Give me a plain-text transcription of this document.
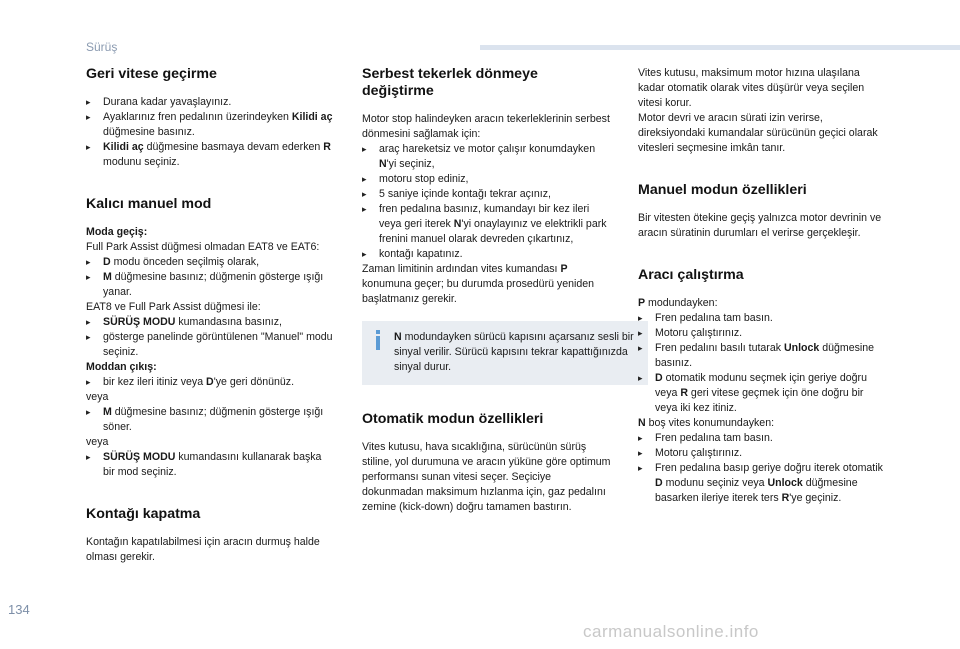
Sürüş
Geri vitese geçirme

▸ Durana kadar yavaşlayınız.

▸ Ayaklarınız fren pedalının üzerindeyken Kilidi aç düğmesine basınız.

▸ Kilidi aç düğmesine basmaya devam ederken R modunu seçiniz.

Kalıcı manuel mod

Moda geçiş:

Full Park Assist düğmesi olmadan EAT8 ve EAT6:

▸ D modu önceden seçilmiş olarak,

▸ M düğmesine basınız; düğmenin gösterge ışığı yanar.

EAT8 ve Full Park Assist düğmesi ile:

▸ SÜRÜŞ MODU kumandasına basınız,

▸ gösterge panelinde görüntülenen "Manuel" modu seçiniz.

Moddan çıkış:

▸ bir kez ileri itiniz veya D'ye geri dönünüz.

veya

▸ M düğmesine basınız; düğmenin gösterge ışığı söner.

veya

▸ SÜRÜŞ MODU kumandasını kullanarak başka bir mod seçiniz.

Kontağı kapatma

Kontağın kapatılabilmesi için aracın durmuş halde olması gerekir.

Serbest tekerlek dönmeye değiştirme

Motor stop halindeyken aracın tekerleklerinin serbest dönmesini sağlamak için:

▸ araç hareketsiz ve motor çalışır konumdayken N'yi seçiniz,

▸ motoru stop ediniz,

▸ 5 saniye içinde kontağı tekrar açınız,

▸ fren pedalına basınız, kumandayı bir kez ileri veya geri iterek N'yi onaylayınız ve elektrikli park frenini manuel olarak devreden çıkartınız,

▸ kontağı kapatınız.

Zaman limitinin ardından vites kumandası P konumuna geçer; bu durumda prosedürü yeniden başlatmanız gerekir.

N modundayken sürücü kapısını açarsanız sesli bir sinyal verilir. Sürücü kapısını tekrar kapattığınızda sinyal durur.

Otomatik modun özellikleri

Vites kutusu, hava sıcaklığına, sürücünün sürüş stiline, yol durumuna ve aracın yüküne göre optimum performansı sunan vitesi seçer. Seçiciye dokunmadan maksimum hızlanma için, gaz pedalını zemine (kick-down) doğru tamamen bastırın.

Vites kutusu, maksimum motor hızına ulaşılana kadar otomatik olarak vites düşürür veya seçilen vitesi korur.

Motor devri ve aracın sürati izin verirse, direksiyondaki kumandalar sürücünün geçici olarak vitesleri seçmesine imkân tanır.

Manuel modun özellikleri

Bir vitesten ötekine geçiş yalnızca motor devrinin ve aracın süratinin durumları el verirse gerçekleşir.

Aracı çalıştırma

P modundayken:

▸ Fren pedalına tam basın.

▸ Motoru çalıştırınız.

▸ Fren pedalını basılı tutarak Unlock düğmesine basınız.

▸ D otomatik modunu seçmek için geriye doğru veya R geri vitese geçmek için öne doğru bir veya iki kez itiniz.

N boş vites konumundayken:

▸ Fren pedalına tam basın.

▸ Motoru çalıştırınız.

▸ Fren pedalına basıp geriye doğru iterek otomatik D modunu seçiniz veya Unlock düğmesine basarken ileriye iterek ters R'ye geçiniz.

134
carmanualsonline.info
